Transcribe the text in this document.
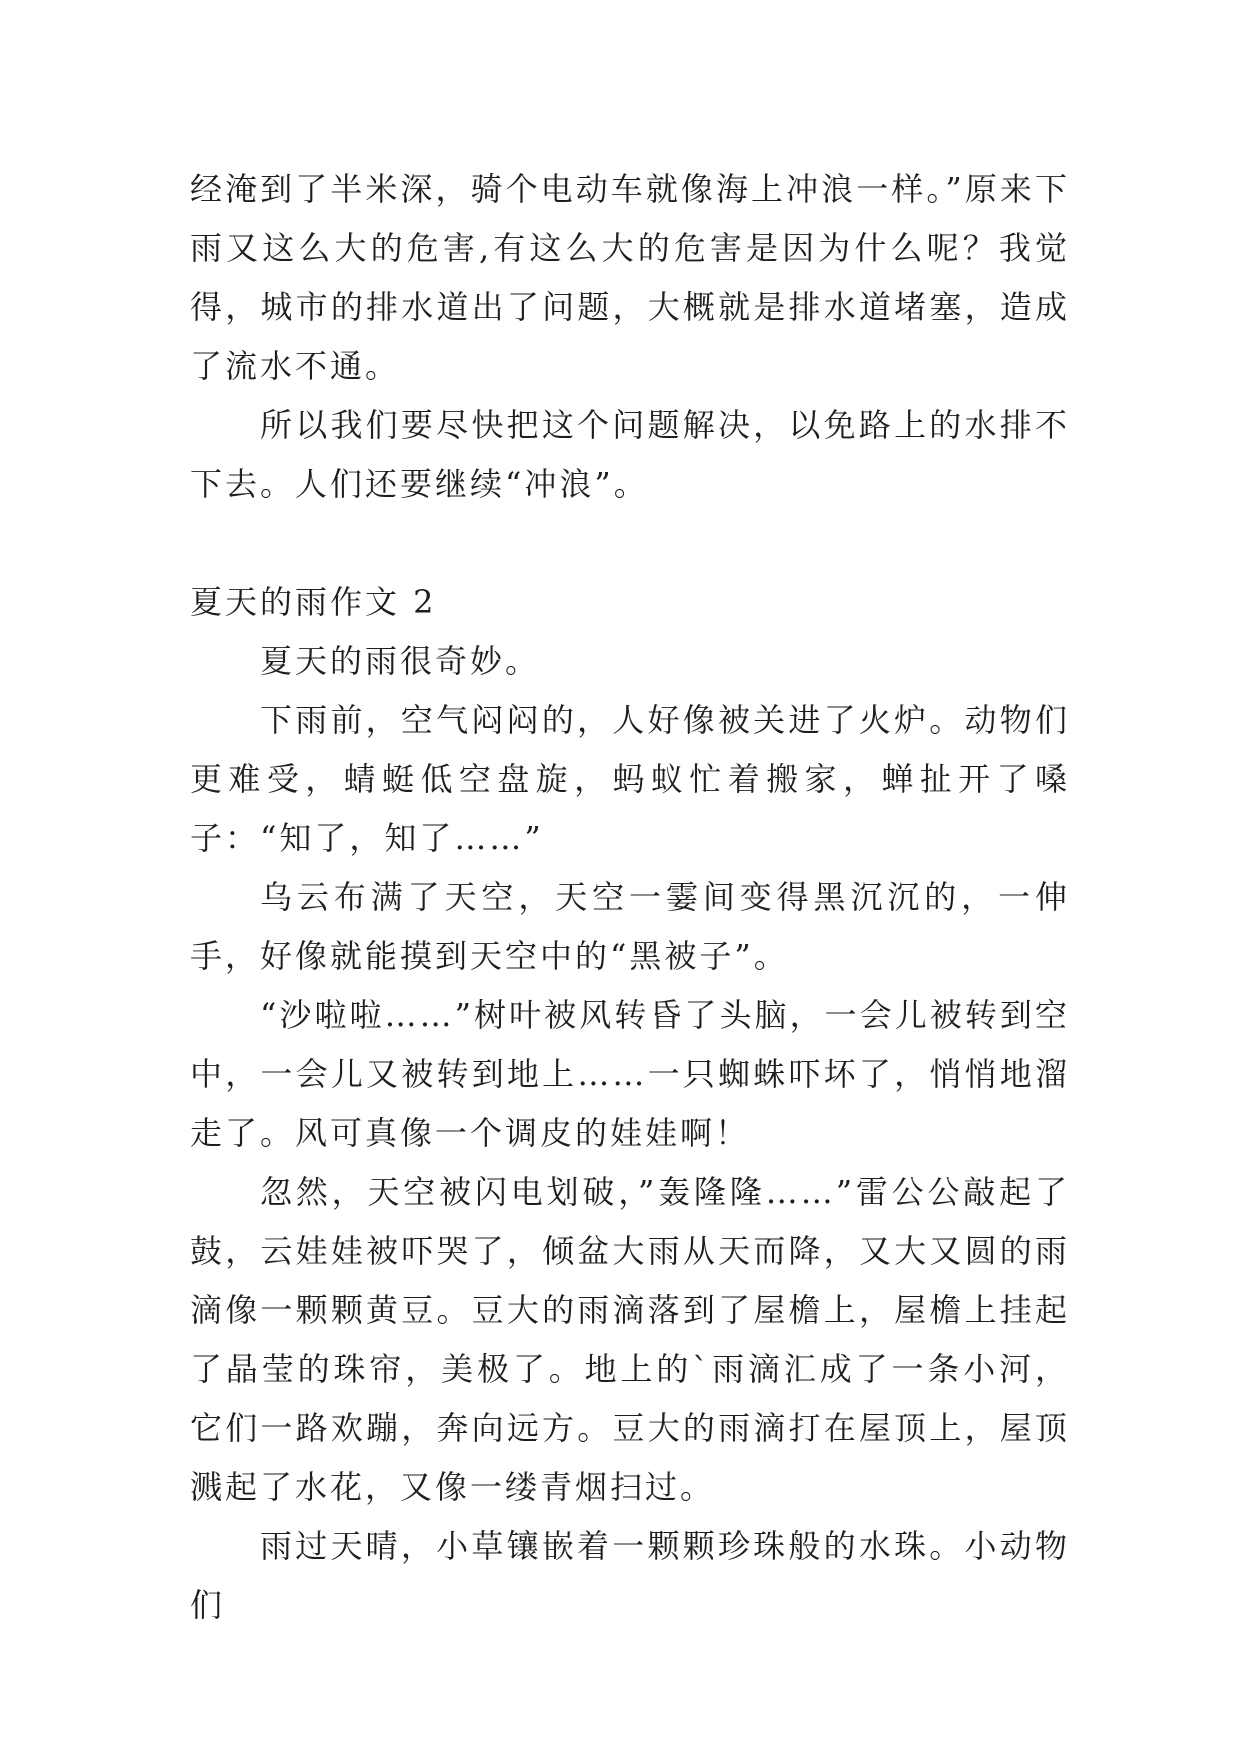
经淹到了半米深，骑个电动车就像海上冲浪一样。”原来下雨又这么大的危害,有这么大的危害是因为什么呢？我觉得，城市的排水道出了问题，大概就是排水道堵塞，造成了流水不通。

所以我们要尽快把这个问题解决，以免路上的水排不下去。人们还要继续“冲浪”。

夏天的雨作文 2

夏天的雨很奇妙。

下雨前，空气闷闷的，人好像被关进了火炉。动物们更难受，蜻蜓低空盘旋，蚂蚁忙着搬家，蝉扯开了嗓子：“知了，知了……”

乌云布满了天空，天空一霎间变得黑沉沉的，一伸手，好像就能摸到天空中的“黑被子”。

“沙啦啦……”树叶被风转昏了头脑，一会儿被转到空中，一会儿又被转到地上……一只蜘蛛吓坏了，悄悄地溜走了。风可真像一个调皮的娃娃啊！

忽然，天空被闪电划破，”轰隆隆……”雷公公敲起了鼓，云娃娃被吓哭了，倾盆大雨从天而降，又大又圆的雨滴像一颗颗黄豆。豆大的雨滴落到了屋檐上，屋檐上挂起了晶莹的珠帘，美极了。地上的`雨滴汇成了一条小河，它们一路欢蹦，奔向远方。豆大的雨滴打在屋顶上，屋顶溅起了水花，又像一缕青烟扫过。

雨过天晴，小草镶嵌着一颗颗珍珠般的水珠。小动物们
